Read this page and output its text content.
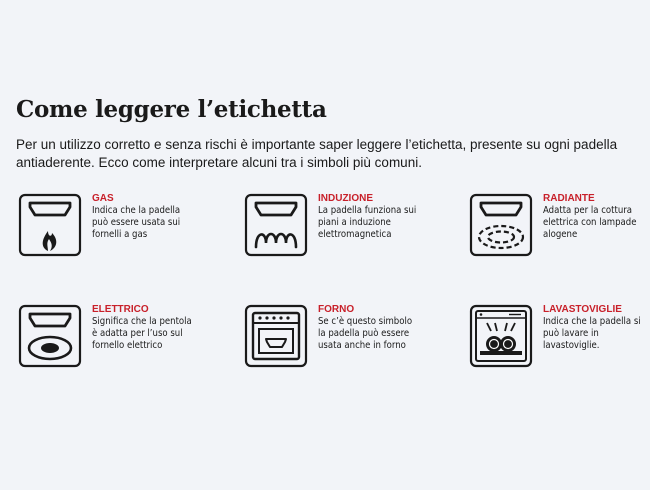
Come leggere l’etichetta
Per un utilizzo corretto e senza rischi è importante saper leggere l’etichetta, presente su ogni padella antiaderente. Ecco come interpretare alcuni tra i simboli più comuni.
GAS
Indica che la padella può essere usata sui fornelli a gas
INDUZIONE
La padella funziona sui piani a induzione elettromagnetica
RADIANTE
Adatta per la cottura elettrica con lampade alogene
ELETTRICO
Significa che la pentola è adatta per l’uso sul fornello elettrico
FORNO
Se c’è questo simbolo la padella può essere usata anche in forno
LAVASTOVIGLIE
Indica che la padella si può lavare in lavastoviglie.
